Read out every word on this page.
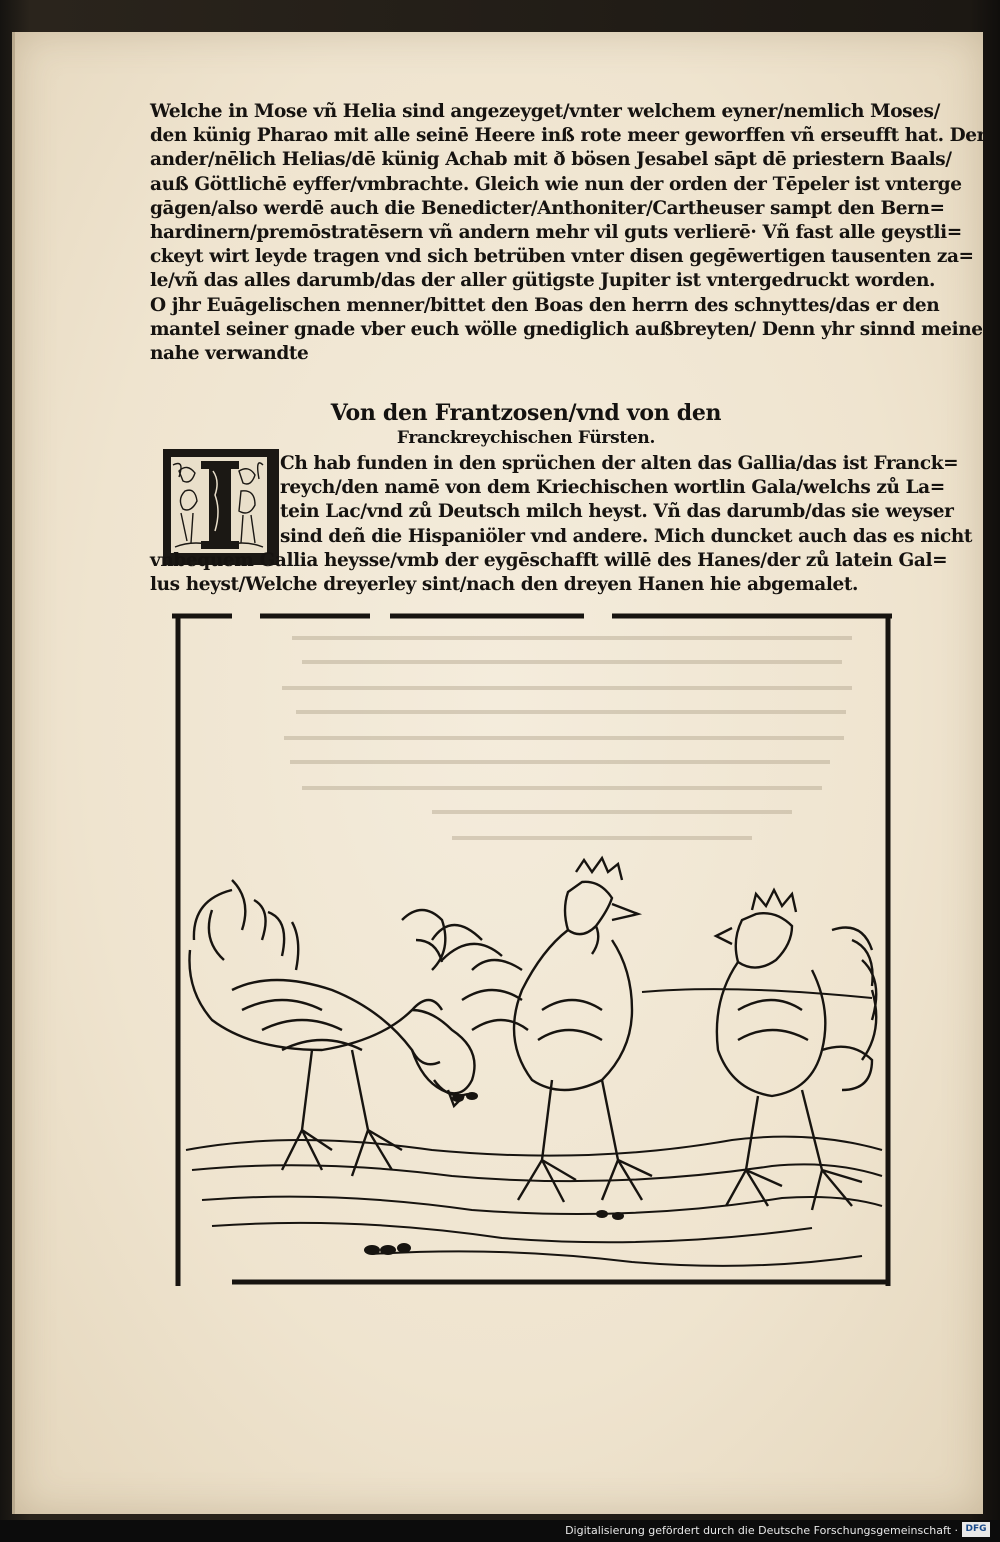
Welche in Mose vñ Helia sind angezeyget/vnter welchem eyner/nemlich Moses/
den künig Pharao mit alle seinē Heere inß rote meer geworffen vñ erseufft hat. Der
ander/nēlich Helias/dē künig Achab mit ð bösen Jesabel sāpt dē priestern Baals/
auß Göttlichē eyffer/vmbrachte. Gleich wie nun der orden der Tēpeler ist vnterge
gāgen/also werdē auch die Benedicter/Anthoniter/Cartheuser sampt den Bern=
hardinern/premōstratēsern vñ andern mehr vil guts verlierē· Vñ fast alle geystli=
ckeyt wirt leyde tragen vnd sich betrüben vnter disen gegēwertigen tausenten za=
le/vñ das alles darumb/das der aller gütigste Jupiter ist vntergedruckt worden.
O jhr Euāgelischen menner/bittet den Boas den herrn des schnyttes/das er den
mantel seiner gnade vber euch wölle gnediglich außbreyten/ Denn yhr sinnd meine
nahe verwandte
Von den Frantzosen/vnd von den
Franckreychischen Fürsten.
Ch hab funden in den sprüchen der alten das Gallia/das ist Franck=
reych/den namē von dem Kriechischen wortlin Gala/welchs zů La=
tein Lac/vnd zů Deutsch milch heyst. Vñ das darumb/das sie weyser
sind deñ die Hispaniöler vnd andere. Mich duncket auch das es nicht
vnbequem Gallia heysse/vmb der eygēschafft willē des Hanes/der zů latein Gal=
lus heyst/Welche dreyerley sint/nach den dreyen Hanen hie abgemalet.
Digitalisierung gefördert durch die Deutsche Forschungsgemeinschaft · DFG
